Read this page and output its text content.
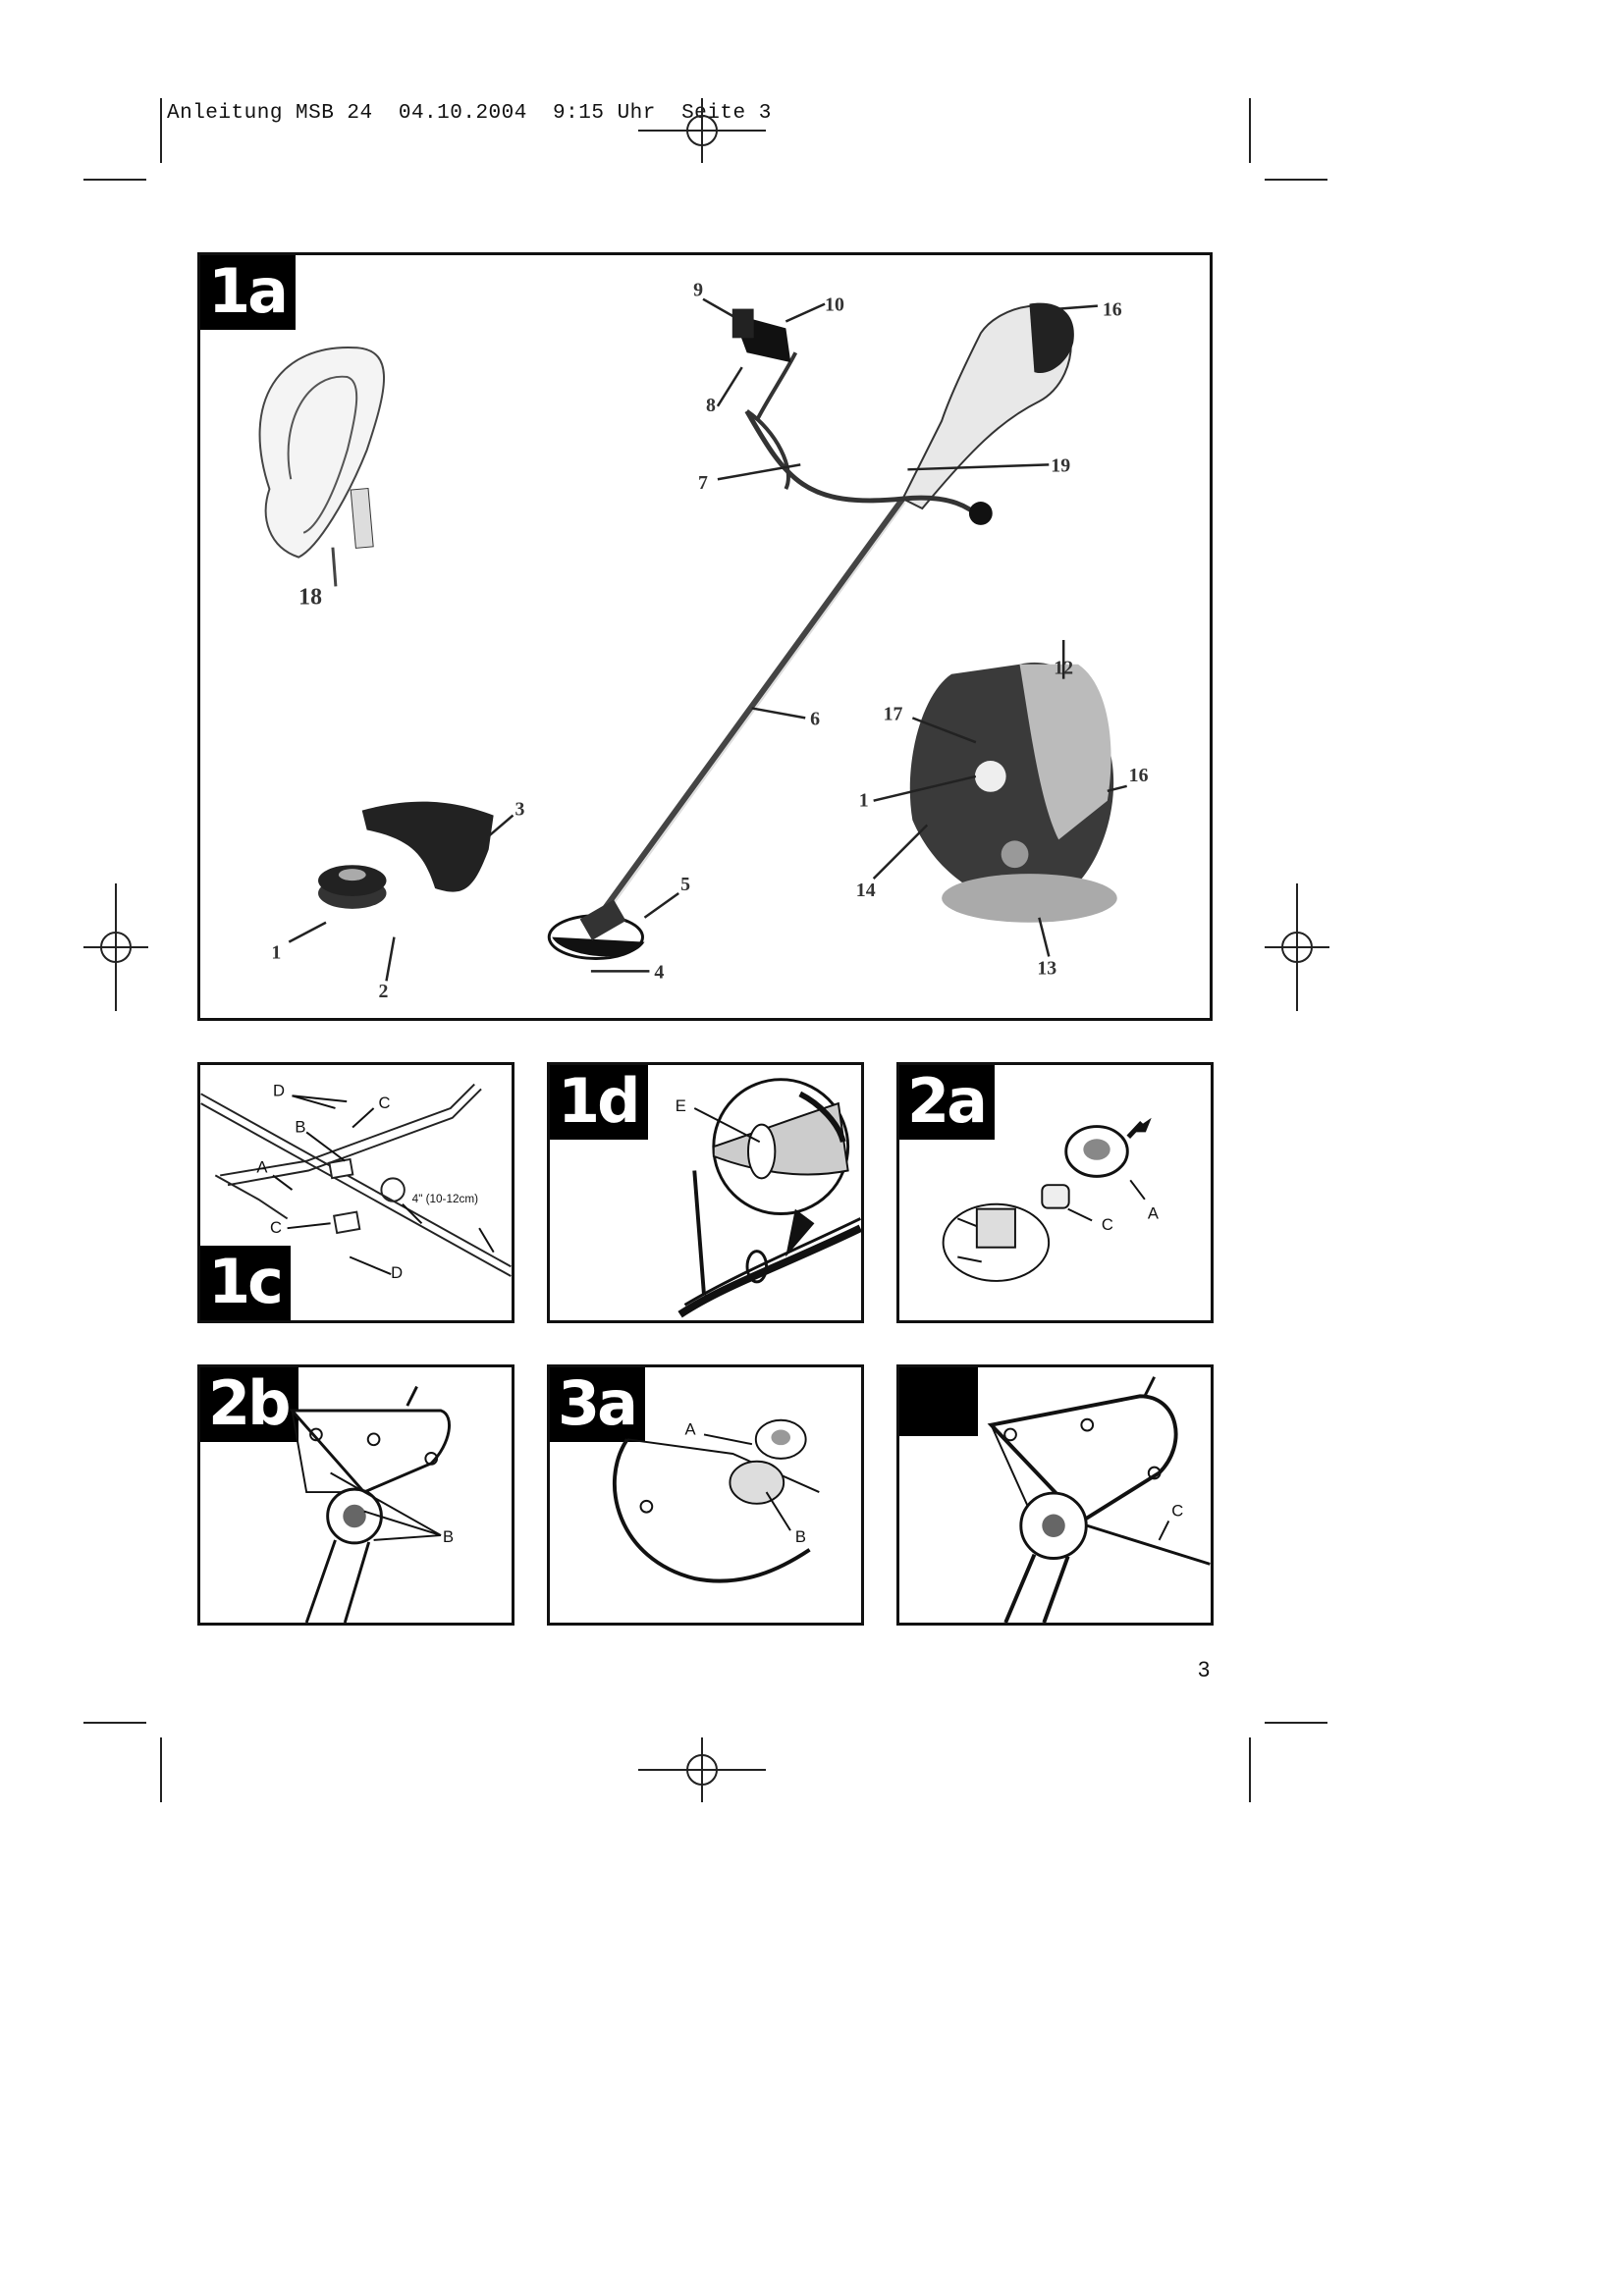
Anleitung MSB 24  04.10.2004  9:15 Uhr  Seite 3
1a
1
2
3
4
5
6
7
8
9
10
12
13
14
16
16
17
18
19
1
D
C
B
A
C
D
4" (10-12cm)
1c
1d	E	2a
A
C
2b
B
3a	A
B
C
3
